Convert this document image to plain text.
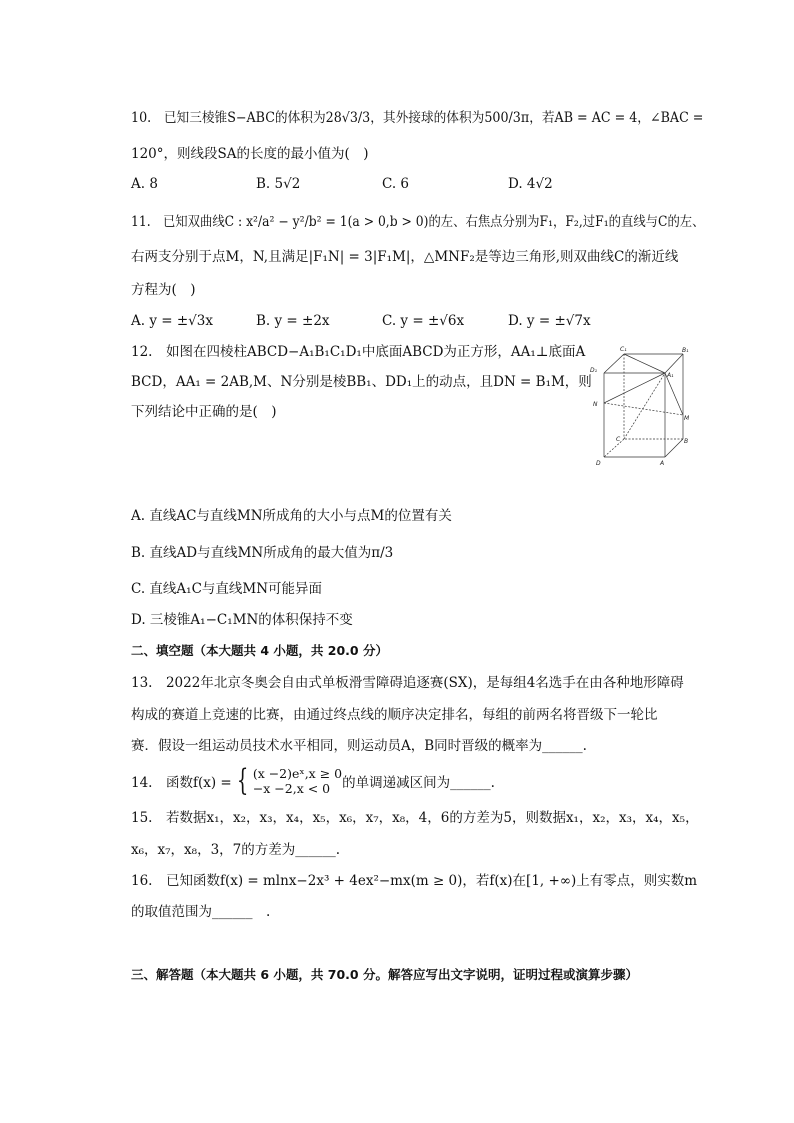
10.　已知三棱锥S−ABC的体积为28√3/3，其外接球的体积为500/3π，若AB = AC = 4，∠BAC =
120°，则线段SA的长度的最小值为(　)
A. 8	B. 5√2	C. 6	D. 4√2
11.　已知双曲线C : x²/a² − y²/b² = 1(a > 0,b > 0)的左、右焦点分别为F₁，F₂,过F₁的直线与C的左、
右两支分别于点M，N,且满足|F₁N| = 3|F₁M|，△MNF₂是等边三角形,则双曲线C的渐近线
方程为(　)
A. y = ±√3x	B. y = ±2x	C. y = ±√6x	D. y = ±√7x
12.　如图在四棱柱ABCD−A₁B₁C₁D₁中底面ABCD为正方形，AA₁⊥底面A
BCD，AA₁ = 2AB,M、N分别是棱BB₁、DD₁上的动点，且DN = B₁M，则
下列结论中正确的是(　)
C₁	B₁
D₁
A₁
N
M
C	B
D	A
A. 直线AC与直线MN所成角的大小与点M的位置有关
B. 直线AD与直线MN所成角的最大值为π/3
C. 直线A₁C与直线MN可能异面
D. 三棱锥A₁−C₁MN的体积保持不变
二、填空题（本大题共 4 小题，共 20.0 分）
13.　2022年北京冬奥会自由式单板滑雪障碍追逐赛(SX)，是每组4名选手在由各种地形障碍
构成的赛道上竞速的比赛，由通过终点线的顺序决定排名，每组的前两名将晋级下一轮比
赛．假设一组运动员技术水平相同，则运动员A，B同时晋级的概率为______.
14.　函数f(x) = { (x −2)eˣ,x ≥ 0
−x −2,x < 0 的单调递减区间为______.
15.　若数据x₁，x₂，x₃，x₄，x₅，x₆，x₇，x₈，4，6的方差为5，则数据x₁，x₂，x₃，x₄，x₅，
x₆，x₇，x₈，3，7的方差为______.
16.　已知函数f(x) = mlnx−2x³ + 4ex²−mx(m ≥ 0)，若f(x)在[1, +∞)上有零点，则实数m
的取值范围为______　.
三、解答题（本大题共 6 小题，共 70.0 分。解答应写出文字说明，证明过程或演算步骤）
